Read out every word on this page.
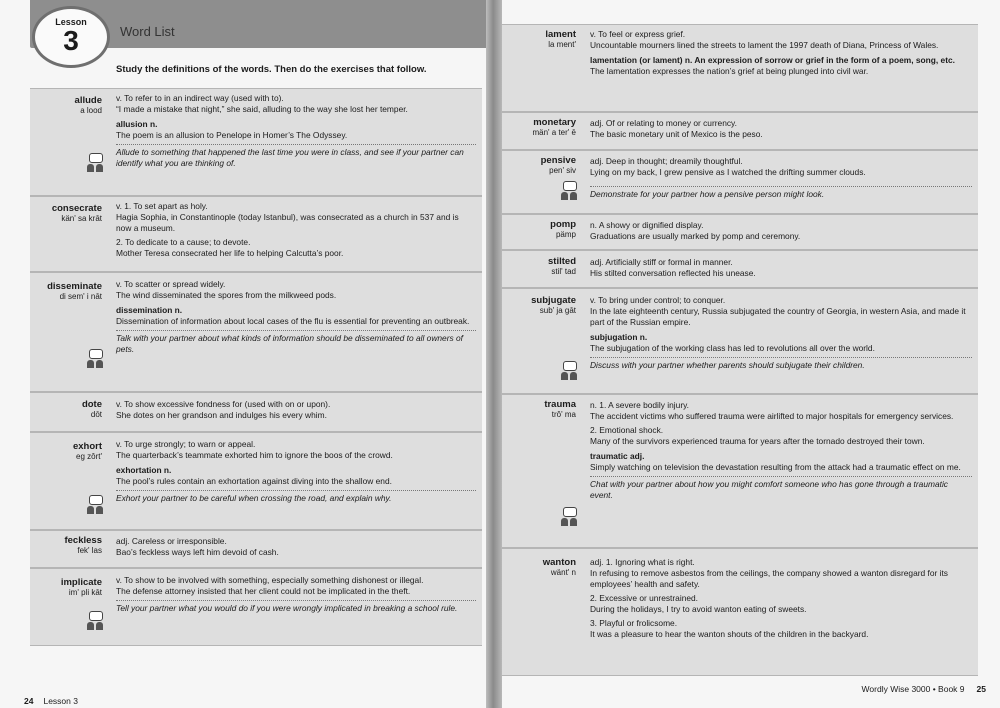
Lesson
3	Word List
Study the definitions of the words. Then do the exercises that follow.
allude
a lood

v. To refer to in an indirect way (used with to).

“I made a mistake that night,” she said, alluding to the way she lost her temper.

allusion n.

The poem is an allusion to Penelope in Homer’s The Odyssey.

Allude to something that happened the last time you were in class, and see if your partner can identify what you are thinking of.

consecrate
kän' sa krāt

v. 1. To set apart as holy.

Hagia Sophia, in Constantinople (today Istanbul), was consecrated as a church in 537 and is now a museum.

2. To dedicate to a cause; to devote.

Mother Teresa consecrated her life to helping Calcutta’s poor.

disseminate
di sem' i nāt

v. To scatter or spread widely.

The wind disseminated the spores from the milkweed pods.

dissemination n.

Dissemination of information about local cases of the flu is essential for preventing an outbreak.

Talk with your partner about what kinds of information should be disseminated to all owners of pets.

dote
dōt

v. To show excessive fondness for (used with on or upon).

She dotes on her grandson and indulges his every whim.

exhort
eg zôrt'

v. To urge strongly; to warn or appeal.

The quarterback’s teammate exhorted him to ignore the boos of the crowd.

exhortation n.

The pool’s rules contain an exhortation against diving into the shallow end.

Exhort your partner to be careful when crossing the road, and explain why.

feckless
fek' las

adj. Careless or irresponsible.

Bao’s feckless ways left him devoid of cash.

implicate
im' pli kāt

v. To show to be involved with something, especially something dishonest or illegal.

The defense attorney insisted that her client could not be implicated in the theft.

Tell your partner what you would do if you were wrongly implicated in breaking a school rule.

24 Lesson 3
lament
la ment'

v. To feel or express grief.

Uncountable mourners lined the streets to lament the 1997 death of Diana, Princess of Wales.

lamentation (or lament) n. An expression of sorrow or grief in the form of a poem, song, etc.

The lamentation expresses the nation’s grief at being plunged into civil war.

monetary
män' a ter' ē

adj. Of or relating to money or currency.

The basic monetary unit of Mexico is the peso.

pensive
pen' siv

adj. Deep in thought; dreamily thoughtful.

Lying on my back, I grew pensive as I watched the drifting summer clouds.

Demonstrate for your partner how a pensive person might look.

pomp
pämp

n. A showy or dignified display.

Graduations are usually marked by pomp and ceremony.

stilted
stil' tad

adj. Artificially stiff or formal in manner.

His stilted conversation reflected his unease.

subjugate
sub' ja gāt

v. To bring under control; to conquer.

In the late eighteenth century, Russia subjugated the country of Georgia, in western Asia, and made it part of the Russian empire.

subjugation n.

The subjugation of the working class has led to revolutions all over the world.

Discuss with your partner whether parents should subjugate their children.

trauma
trô' ma

n. 1. A severe bodily injury.

The accident victims who suffered trauma were airlifted to major hospitals for emergency services.

2. Emotional shock.

Many of the survivors experienced trauma for years after the tornado destroyed their town.

traumatic adj.

Simply watching on television the devastation resulting from the attack had a traumatic effect on me.

Chat with your partner about how you might comfort someone who has gone through a traumatic event.

wanton
wänt' n

adj. 1. Ignoring what is right.

In refusing to remove asbestos from the ceilings, the company showed a wanton disregard for its employees’ health and safety.

2. Excessive or unrestrained.

During the holidays, I try to avoid wanton eating of sweets.

3. Playful or frolicsome.

It was a pleasure to hear the wanton shouts of the children in the backyard.

Wordly Wise 3000 • Book 9 25
